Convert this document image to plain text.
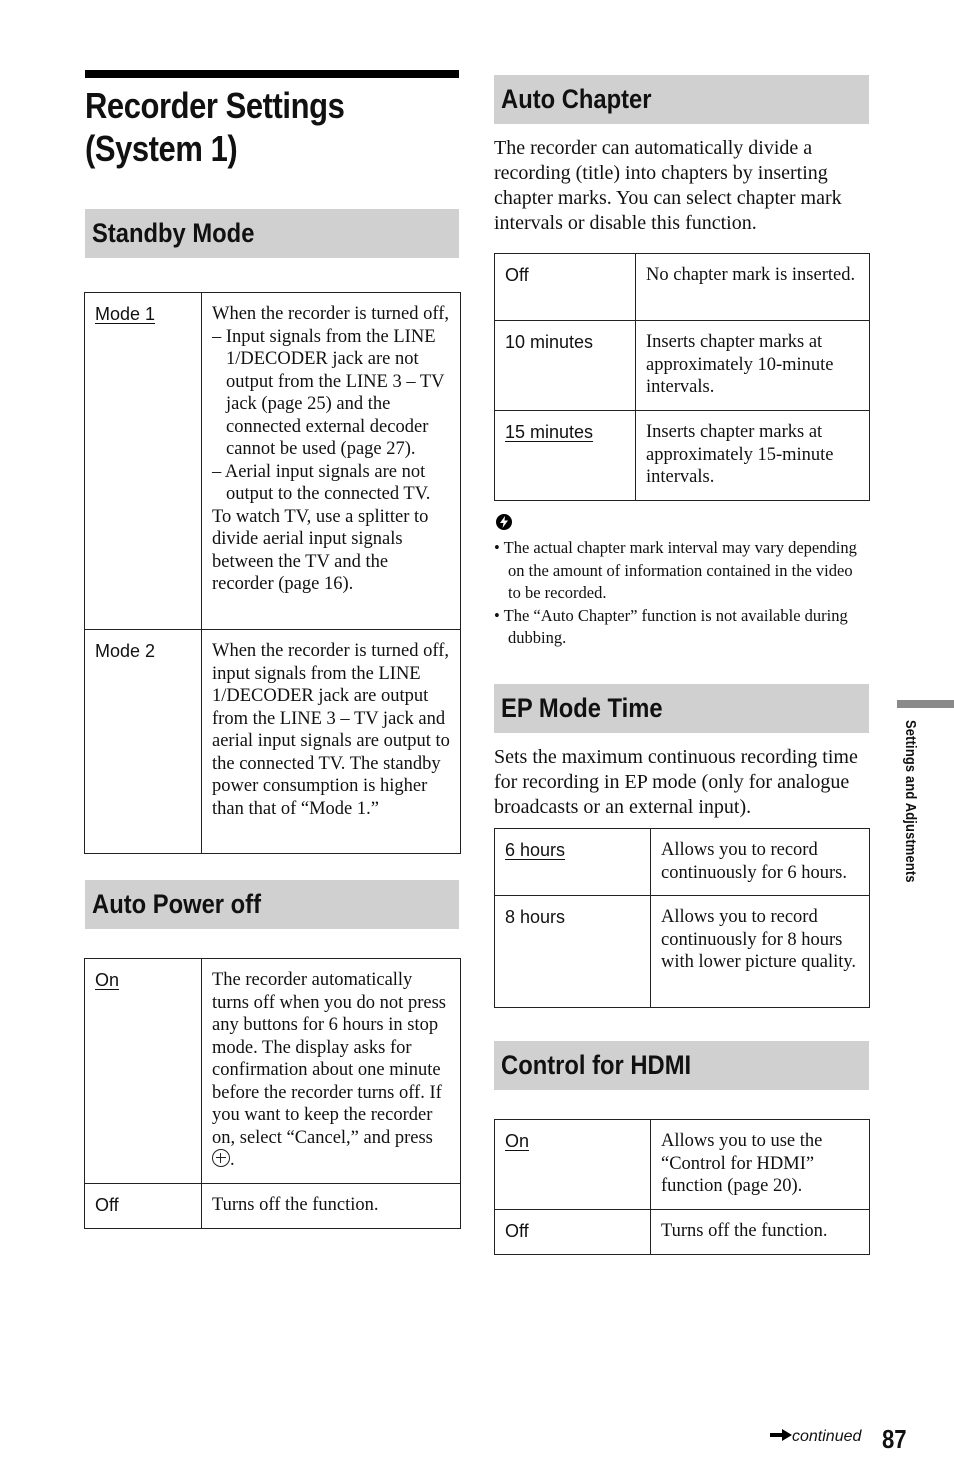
Recorder Settings
(System 1)
Standby Mode
Mode 1	When the recorder is turned off,
– Input signals from the LINE 1/DECODER jack are not output from the LINE 3 – TV jack (page 25) and the connected external decoder cannot be used (page 27).
– Aerial input signals are not output to the connected TV.
To watch TV, use a splitter to divide aerial input signals between the TV and the recorder (page 16).

Mode 2	When the recorder is turned off, input signals from the LINE 1/DECODER jack are output from the LINE 3 – TV jack and aerial input signals are output to the connected TV. The standby power consumption is higher than that of “Mode 1.”
Auto Power off
On	The recorder automatically turns off when you do not press any buttons for 6 hours in stop mode. The display asks for confirmation about one minute before the recorder turns off. If you want to keep the recorder on, select “Cancel,” and press .
Off	Turns off the function.
Auto Chapter
The recorder can automatically divide a recording (title) into chapters by inserting chapter marks. You can select chapter mark intervals or disable this function.
Off	No chapter mark is inserted.
10 minutes	Inserts chapter marks at approximately 10-minute intervals.
15 minutes	Inserts chapter marks at approximately 15-minute intervals.
• The actual chapter mark interval may vary depending on the amount of information contained in the video to be recorded.
• The “Auto Chapter” function is not available during dubbing.
EP Mode Time
Sets the maximum continuous recording time for recording in EP mode (only for analogue broadcasts or an external input).
6 hours	Allows you to record continuously for 6 hours.
8 hours	Allows you to record continuously for 8 hours with lower picture quality.
Control for HDMI
On	Allows you to use the “Control for HDMI” function (page 20).
Off	Turns off the function.
Settings and Adjustments
continued 87
